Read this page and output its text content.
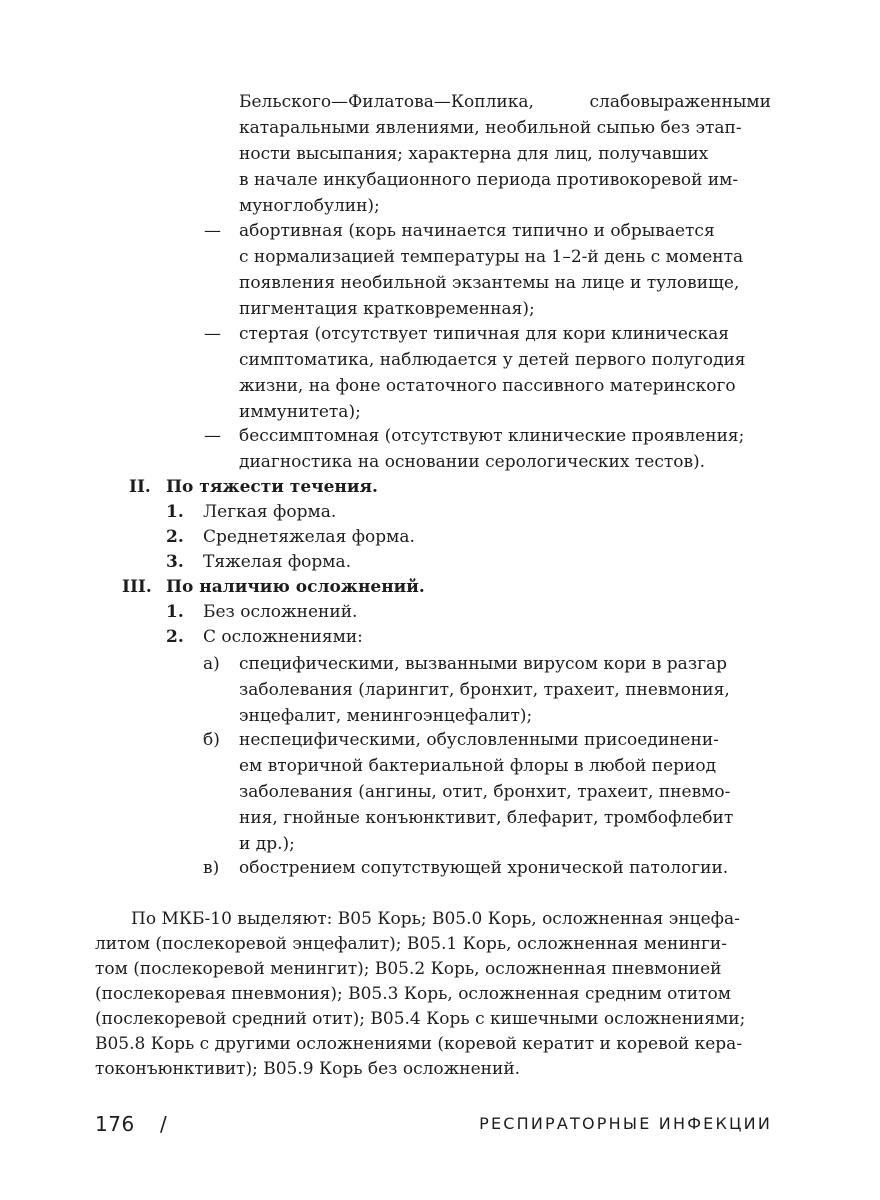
Бельского—Филатова—Коплика,	слабовыраженными
катаральными явлениями, необильной сыпью без этап-
ности высыпания; характерна для лиц, получавших
в начале инкубационного периода противокоревой им-
муноглобулин);
— абортивная (корь начинается типично и обрывается
с нормализацией температуры на 1–2-й день с момента
появления необильной экзантемы на лице и туловище,
пигментация кратковременная);
— стертая (отсутствует типичная для кори клиническая
симптоматика, наблюдается у детей первого полугодия
жизни, на фоне остаточного пассивного материнского
иммунитета);
— бессимптомная (отсутствуют клинические проявления;
диагностика на основании серологических тестов).
II. По тяжести течения.
1. Легкая форма.
2. Среднетяжелая форма.
3. Тяжелая форма.
III. По наличию осложнений.
1. Без осложнений.
2. С осложнениями:
а) специфическими, вызванными вирусом кори в разгар
заболевания (ларингит, бронхит, трахеит, пневмония,
энцефалит, менингоэнцефалит);
б) неспецифическими, обусловленными присоединени-
ем вторичной бактериальной флоры в любой период
заболевания (ангины, отит, бронхит, трахеит, пневмо-
ния, гнойные конъюнктивит, блефарит, тромбофлебит
и др.);
в) обострением сопутствующей хронической патологии.
По МКБ-10 выделяют: B05 Корь; B05.0 Корь, осложненная энцефа-
литом (послекоревой энцефалит); B05.1 Корь, осложненная менинги-
том (послекоревой менингит); B05.2 Корь, осложненная пневмонией
(послекоревая пневмония); B05.3 Корь, осложненная средним отитом
(послекоревой средний отит); B05.4 Корь с кишечными осложнениями;
B05.8 Корь с другими осложнениями (коревой кератит и коревой кера-
токонъюнктивит); B05.9 Корь без осложнений.
176 /	РЕСПИРАТОРНЫЕ ИНФЕКЦИИ
